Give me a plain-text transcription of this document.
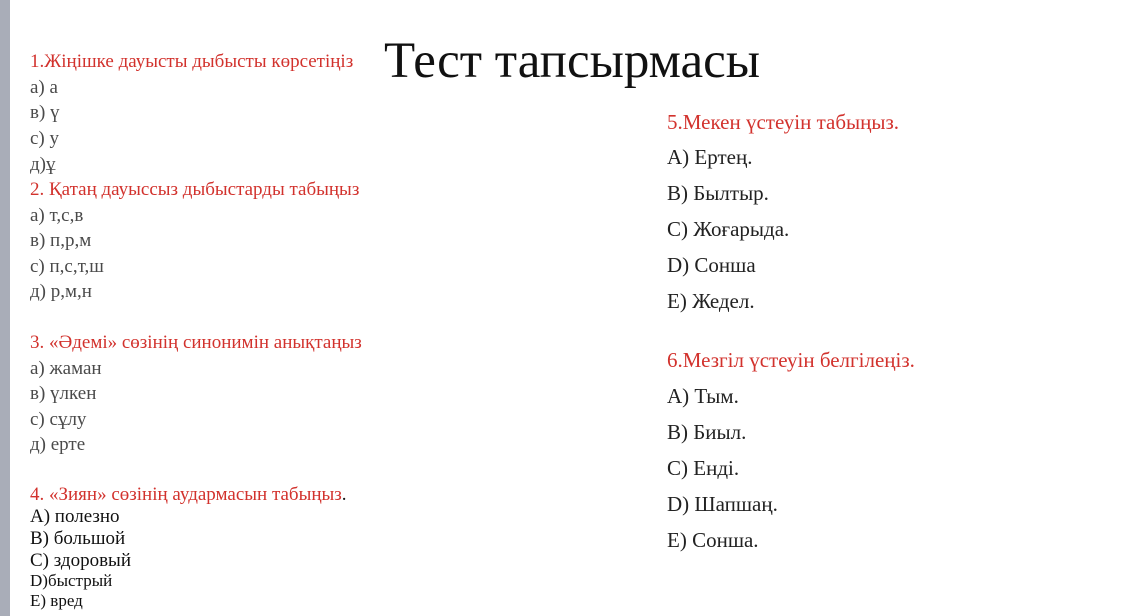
Тест тапсырмасы
1.Жіңішке дауысты дыбысты көрсетіңіз
а) а
в) ү
с) у
д)ұ
2. Қатаң дауыссыз дыбыстарды табыңыз
а) т,с,в
в) п,р,м
с) п,с,т,ш
д) р,м,н
3. «Әдемі» сөзінің синонимін анықтаңыз
а) жаман
в) үлкен
с) сұлу
д) ерте
4. «Зиян» сөзінің аудармасын табыңыз.
А) полезно
В) большой
С) здоровый
D)быстрый
Е) вред
5.Мекен үстеуін табыңыз.
А) Ертең.
В) Былтыр.
С) Жоғарыда.
D) Сонша
Е) Жедел.
6.Мезгіл үстеуін белгілеңіз.
А) Тым.
В) Биыл.
С) Енді.
D) Шапшаң.
Е) Сонша.
